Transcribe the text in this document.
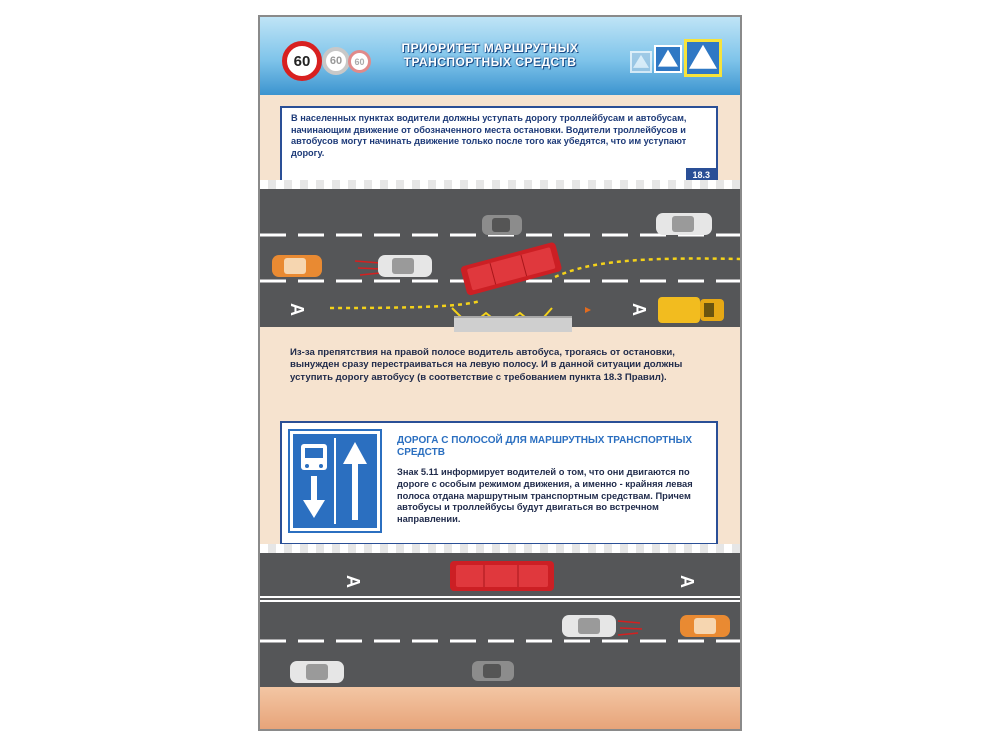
60 60 60
ПРИОРИТЕТ МАРШРУТНЫХ ТРАНСПОРТНЫХ СРЕДСТВ
В населенных пунктах водители должны уступать дорогу троллейбусам и автобусам, начинающим движение от обозначенного места остановки. Водители троллейбусов и автобусов могут начинать движение только после того как убедятся, что им уступают дорогу.
18.3
А	А
Из-за препятствия на правой полосе водитель автобуса, трогаясь от остановки, вынужден сразу перестраиваться на левую полосу. И в данной ситуации должны уступить дорогу автобусу (в соответствие с требованием пункта 18.3 Правил).
ДОРОГА С ПОЛОСОЙ ДЛЯ МАРШРУТНЫХ ТРАНСПОРТНЫХ СРЕДСТВ
Знак 5.11 информирует водителей о том, что они двигаются по дороге с особым режимом движения, а именно - крайняя левая полоса отдана маршрутным транспортным средствам. Причем автобусы и троллейбусы будут двигаться во встречном направлении.
А	А
